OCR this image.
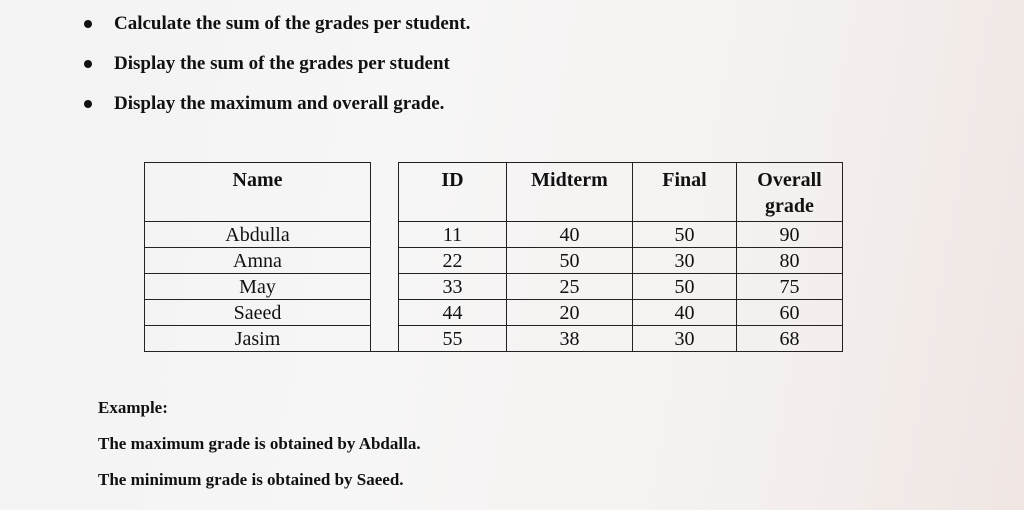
Calculate the sum of the grades per student.
Display the sum of the grades per student
Display the maximum and overall grade.
Name		ID	Midterm	Final	Overall grade
Abdulla		11	40	50	90
Amna		22	50	30	80
May		33	25	50	75
Saeed		44	20	40	60
Jasim		55	38	30	68
Example:
The maximum grade is obtained by Abdalla.
The minimum grade is obtained by Saeed.
